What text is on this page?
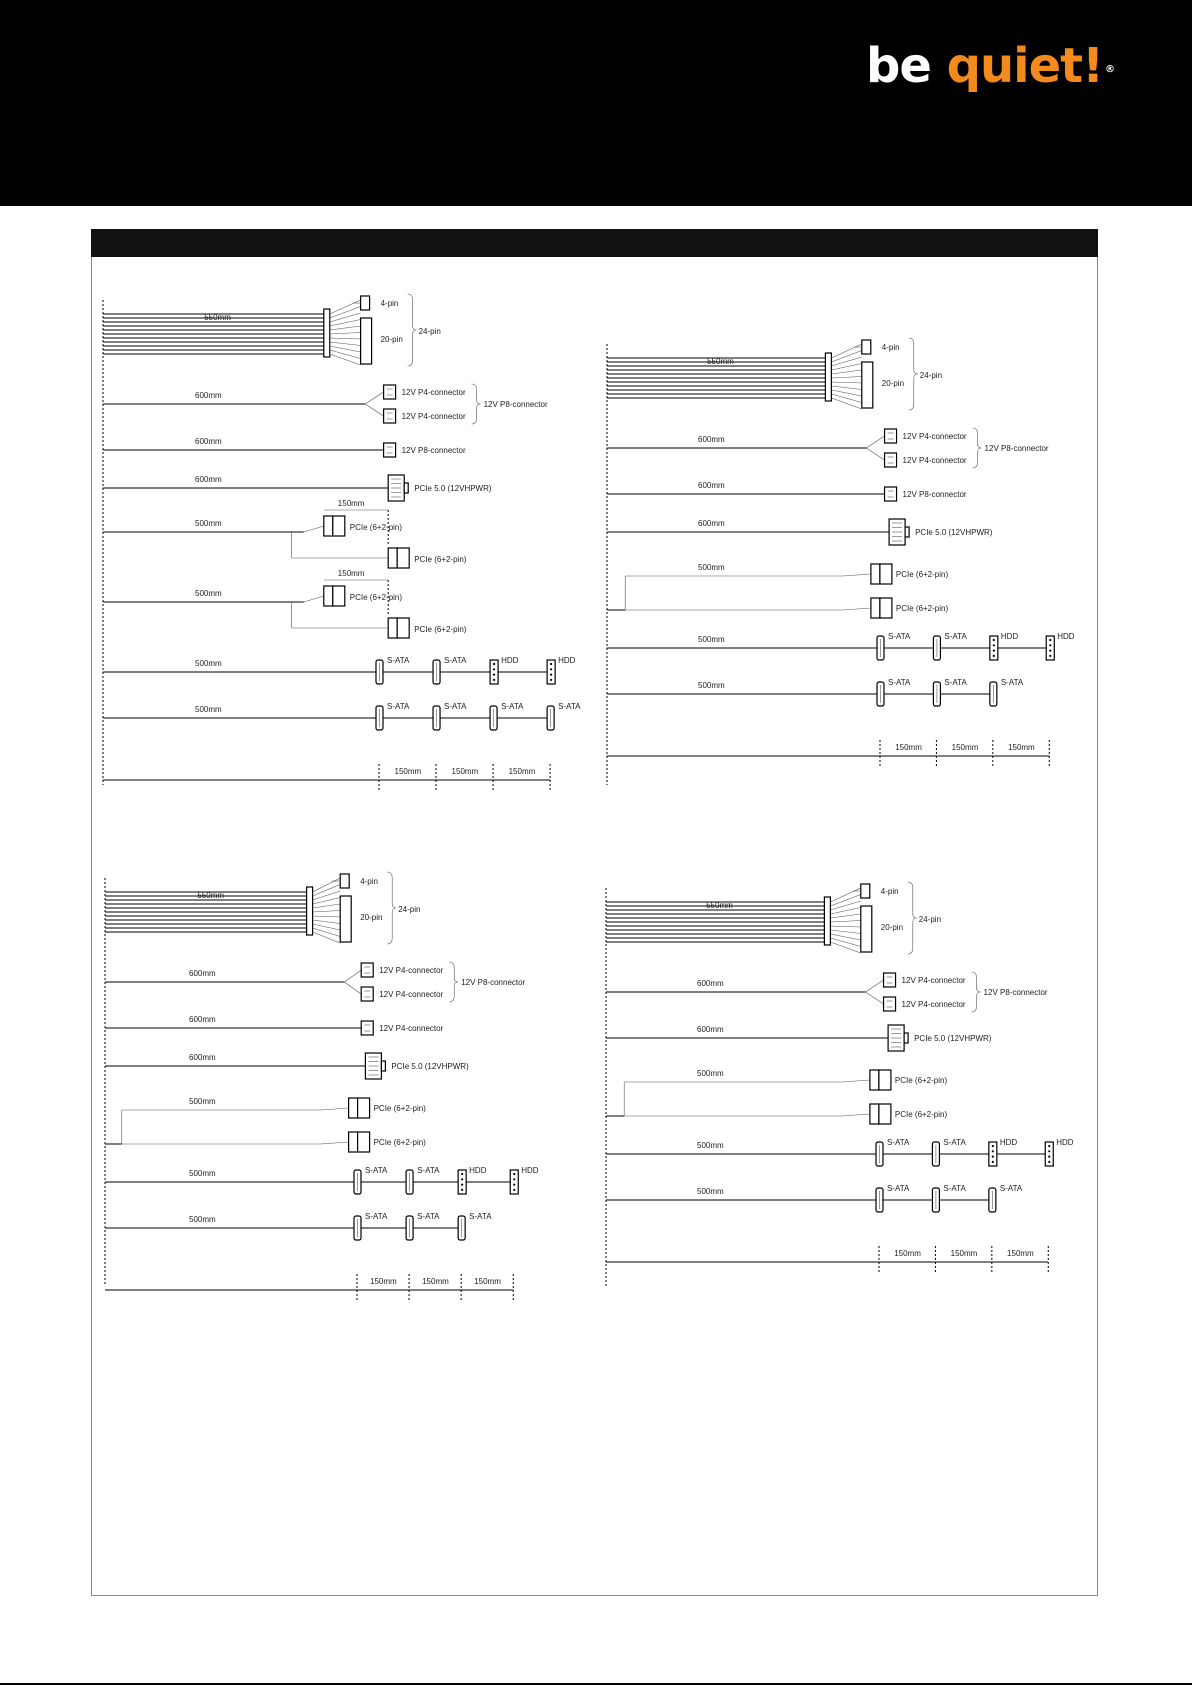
be quiet! ®
550mm
4-pin
20-pin
24-pin
600mm	12V P4-connector
12V P4-connector
12V P8-connector
600mm
12V P8-connector
600mm
PCIe 5.0 (12VHPWR)
500mm
150mm
PCIe (6+2-pin)
PCIe (6+2-pin)
500mm
150mm
PCIe (6+2-pin)
PCIe (6+2-pin)
500mm	S-ATA	S-ATA	HDD	HDD
500mm	S-ATA	S-ATA	S-ATA	S-ATA
150mm	150mm	150mm
550mm
4-pin
20-pin
24-pin
600mm	12V P4-connector
12V P4-connector
12V P8-connector
600mm
12V P8-connector
600mm
PCIe 5.0 (12VHPWR)
500mm
PCIe (6+2-pin)
PCIe (6+2-pin)
500mm	S-ATA	S-ATA	HDD	HDD
500mm	S-ATA	S-ATA	S-ATA
150mm	150mm	150mm
550mm
4-pin
20-pin
24-pin
600mm	12V P4-connector
12V P4-connector
12V P8-connector
600mm
12V P4-connector
600mm
PCIe 5.0 (12VHPWR)
500mm
PCIe (6+2-pin)
PCIe (6+2-pin)
500mm	S-ATA	S-ATA	HDD	HDD
500mm	S-ATA	S-ATA	S-ATA
150mm	150mm	150mm
550mm
4-pin
20-pin
24-pin
600mm	12V P4-connector
12V P4-connector
12V P8-connector
600mm
PCIe 5.0 (12VHPWR)
500mm
PCIe (6+2-pin)
PCIe (6+2-pin)
500mm	S-ATA	S-ATA	HDD	HDD
500mm	S-ATA	S-ATA	S-ATA
150mm	150mm	150mm
